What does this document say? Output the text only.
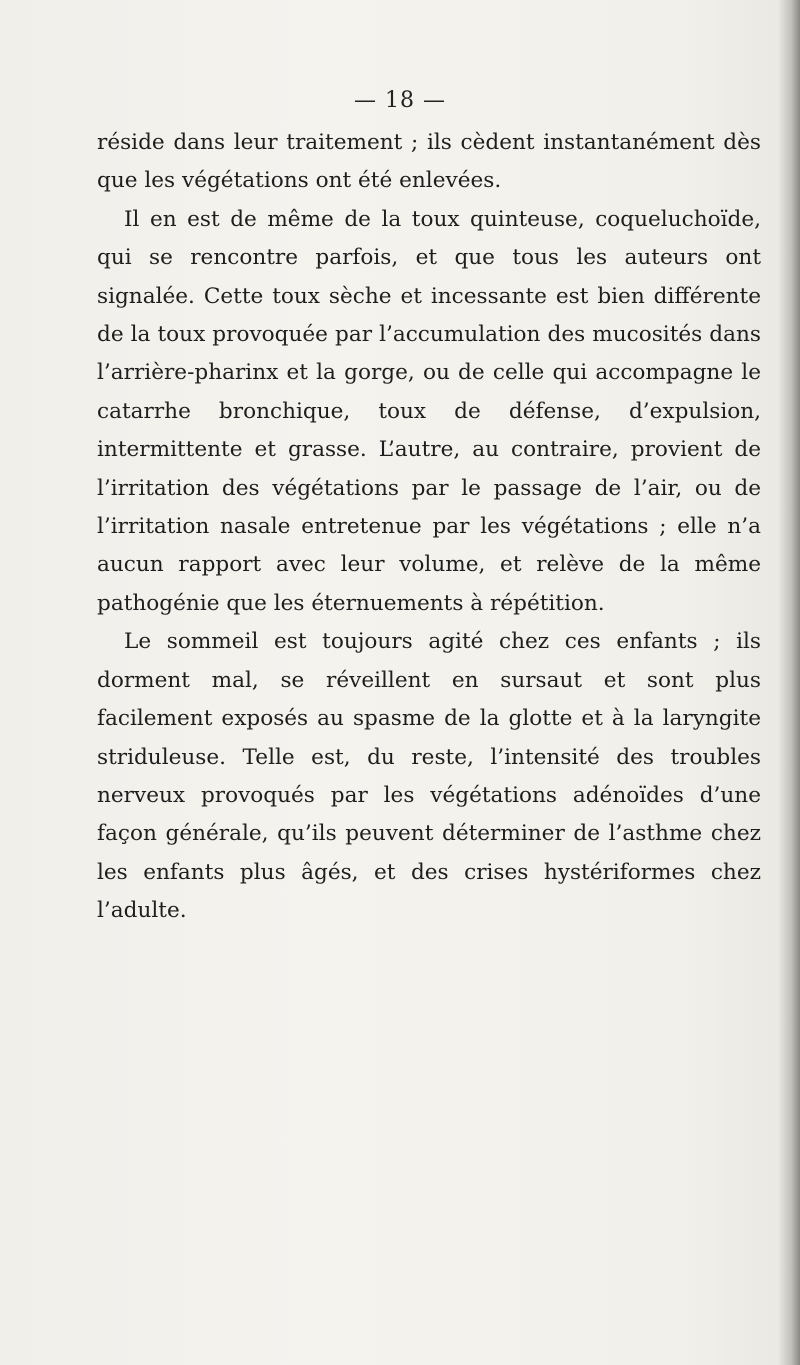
— 18 —

réside dans leur traitement ; ils cèdent instantanément dès que les végétations ont été enlevées.

Il en est de même de la toux quinteuse, coqueluchoïde, qui se rencontre parfois, et que tous les auteurs ont signalée. Cette toux sèche et incessante est bien différente de la toux provoquée par l’accumulation des mucosités dans l’arrière-pharinx et la gorge, ou de celle qui accompagne le catarrhe bronchique, toux de défense, d’expulsion, intermittente et grasse. L’autre, au contraire, provient de l’irritation des végétations par le passage de l’air, ou de l’irritation nasale entretenue par les végétations ; elle n’a aucun rapport avec leur volume, et relève de la même pathogénie que les éternuements à répétition.

Le sommeil est toujours agité chez ces enfants ; ils dorment mal, se réveillent en sursaut et sont plus facilement exposés au spasme de la glotte et à la laryngite striduleuse. Telle est, du reste, l’intensité des troubles nerveux provoqués par les végétations adénoïdes d’une façon générale, qu’ils peuvent déterminer de l’asthme chez les enfants plus âgés, et des crises hystériformes chez l’adulte.
